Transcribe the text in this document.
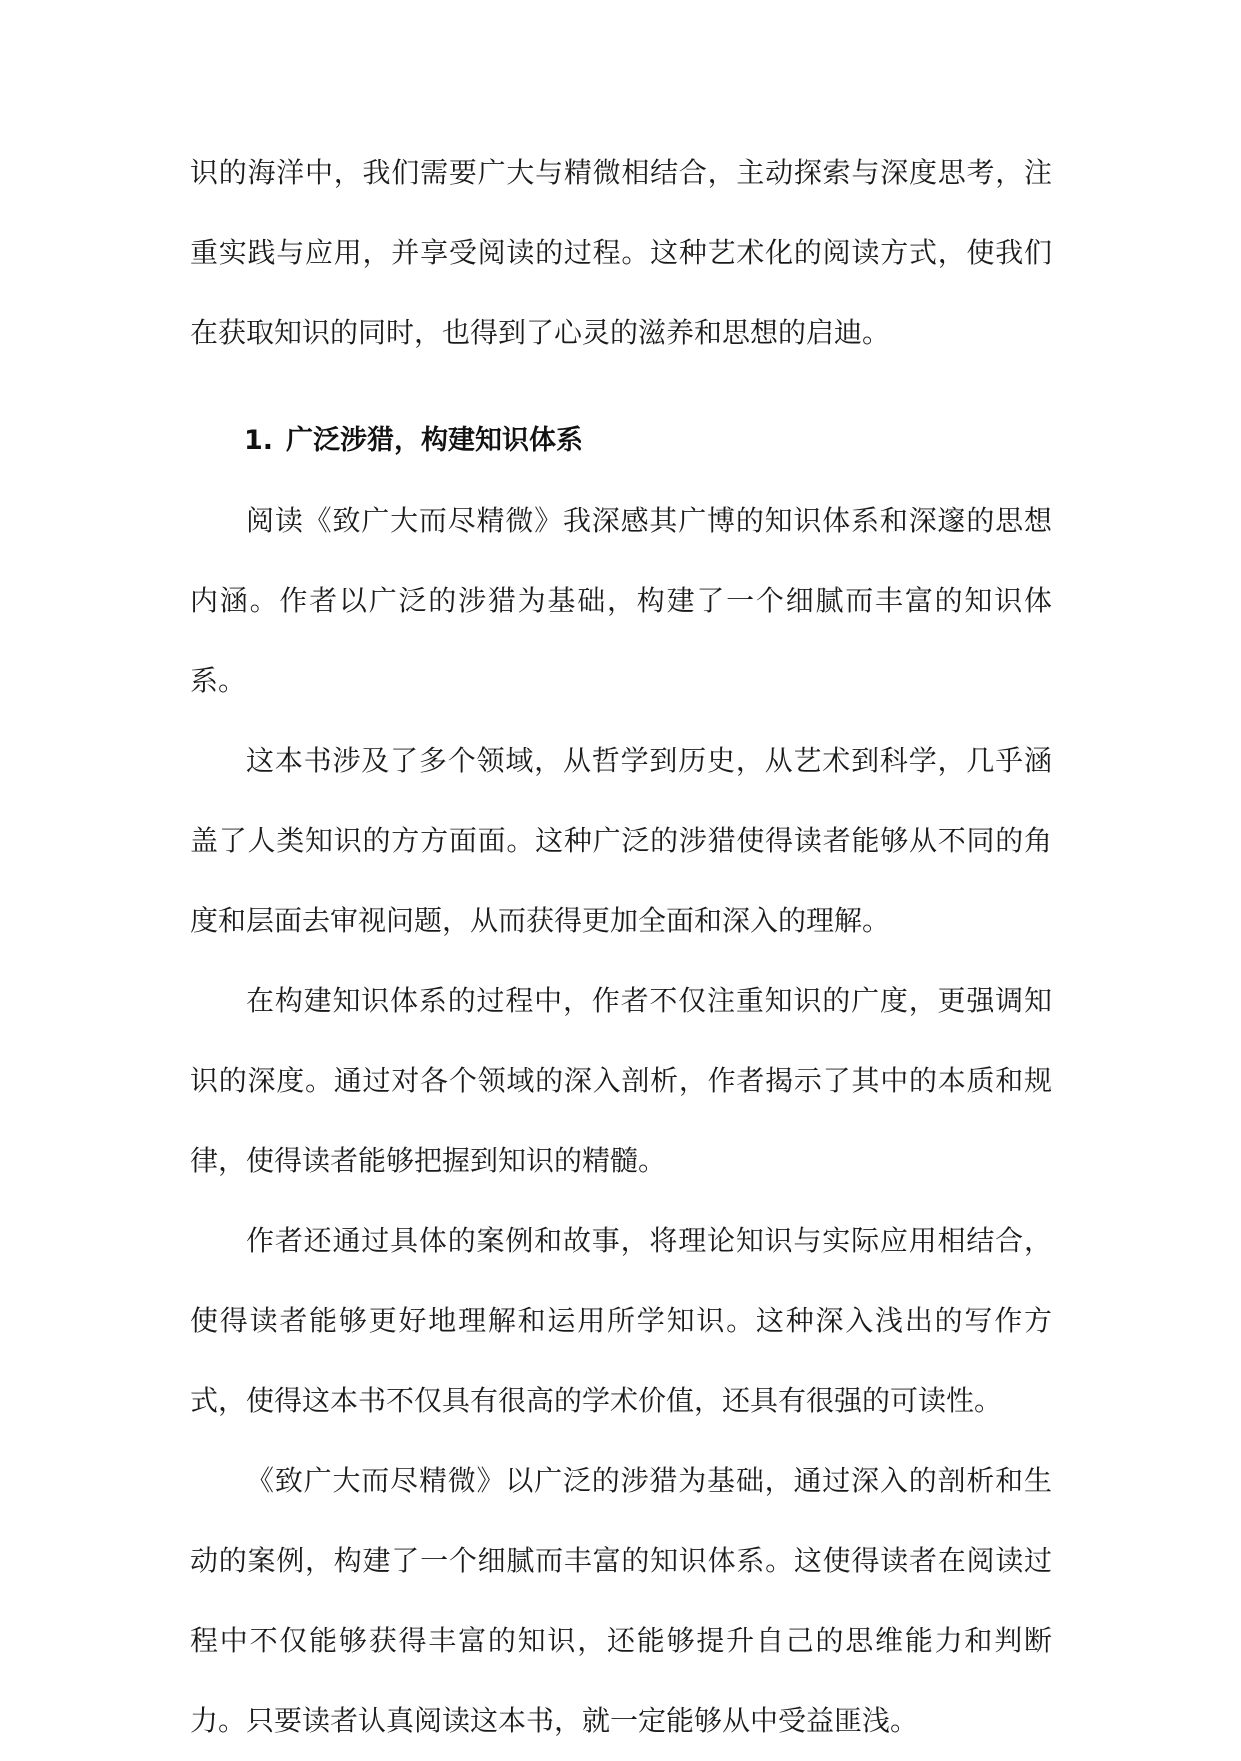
识的海洋中，我们需要广大与精微相结合，主动探索与深度思考，注重实践与应用，并享受阅读的过程。这种艺术化的阅读方式，使我们在获取知识的同时，也得到了心灵的滋养和思想的启迪。

1. 广泛涉猎，构建知识体系

阅读《致广大而尽精微》我深感其广博的知识体系和深邃的思想内涵。作者以广泛的涉猎为基础，构建了一个细腻而丰富的知识体系。

这本书涉及了多个领域，从哲学到历史，从艺术到科学，几乎涵盖了人类知识的方方面面。这种广泛的涉猎使得读者能够从不同的角度和层面去审视问题，从而获得更加全面和深入的理解。

在构建知识体系的过程中，作者不仅注重知识的广度，更强调知识的深度。通过对各个领域的深入剖析，作者揭示了其中的本质和规律，使得读者能够把握到知识的精髓。

作者还通过具体的案例和故事，将理论知识与实际应用相结合，使得读者能够更好地理解和运用所学知识。这种深入浅出的写作方式，使得这本书不仅具有很高的学术价值，还具有很强的可读性。

《致广大而尽精微》以广泛的涉猎为基础，通过深入的剖析和生动的案例，构建了一个细腻而丰富的知识体系。这使得读者在阅读过程中不仅能够获得丰富的知识，还能够提升自己的思维能力和判断力。只要读者认真阅读这本书，就一定能够从中受益匪浅。
